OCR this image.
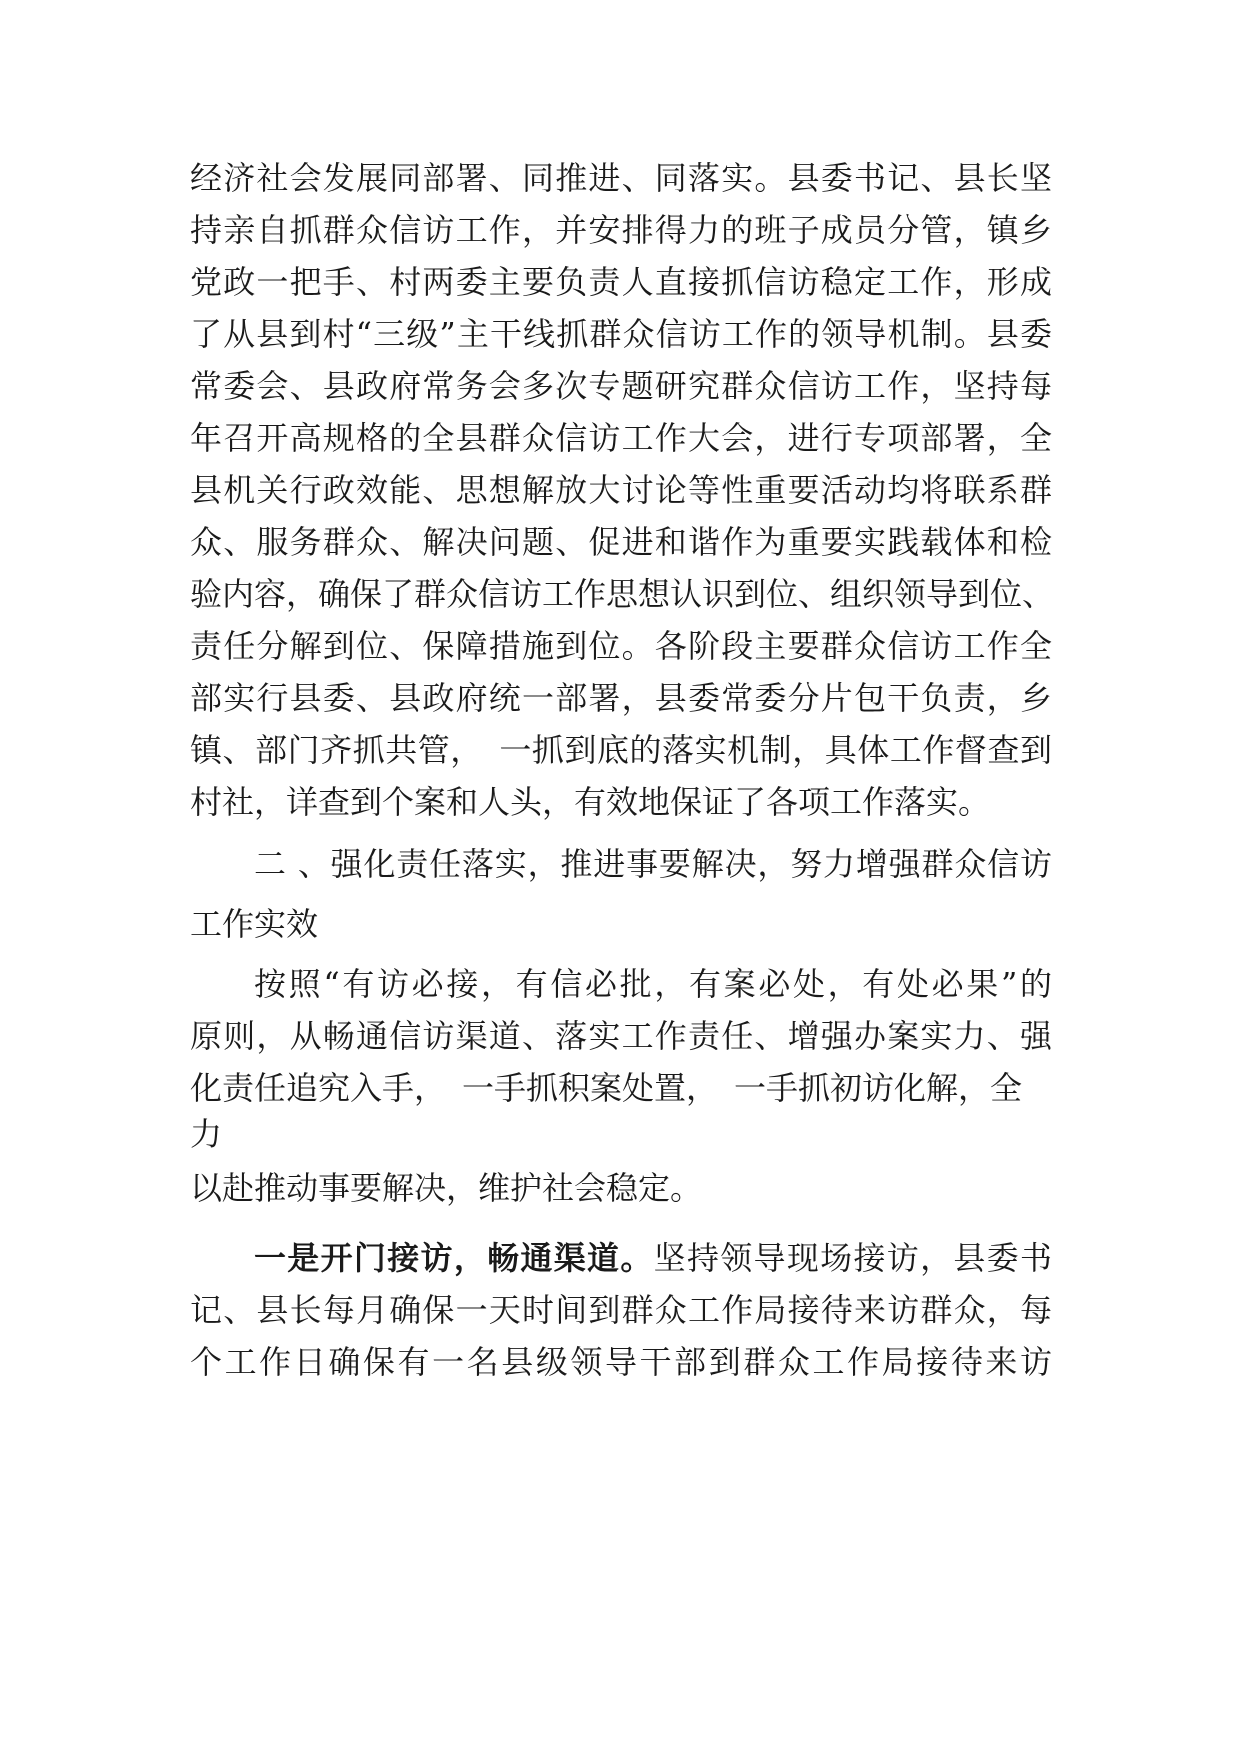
经济社会发展同部署、同推进、同落实。县委书记、县长坚
持亲自抓群众信访工作，并安排得力的班子成员分管，镇乡
党政一把手、村两委主要负责人直接抓信访稳定工作，形成
了从县到村“三级”主干线抓群众信访工作的领导机制。县委
常委会、县政府常务会多次专题研究群众信访工作，坚持每
年召开高规格的全县群众信访工作大会，进行专项部署，全
县机关行政效能、思想解放大讨论等性重要活动均将联系群
众、服务群众、解决问题、促进和谐作为重要实践载体和检
验内容，确保了群众信访工作思想认识到位、组织领导到位、
责任分解到位、保障措施到位。各阶段主要群众信访工作全
部实行县委、县政府统一部署，县委常委分片包干负责，乡
镇、部门齐抓共管，　一抓到底的落实机制，具体工作督查到
村社，详查到个案和人头，有效地保证了各项工作落实。
二 、强化责任落实，推进事要解决，努力增强群众信访
工作实效
按照“有访必接，有信必批，有案必处，有处必果”的
原则，从畅通信访渠道、落实工作责任、增强办案实力、强
化责任追究入手，　一手抓积案处置，　一手抓初访化解，全
力
以赴推动事要解决，维护社会稳定。
一是开门接访，畅通渠道。坚持领导现场接访，县委书
记、县长每月确保一天时间到群众工作局接待来访群众，每
个工作日确保有一名县级领导干部到群众工作局接待来访
